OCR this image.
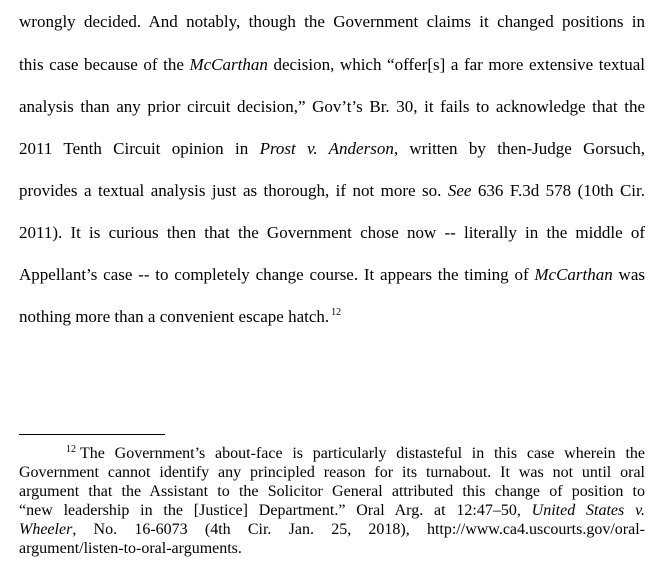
wrongly decided. And notably, though the Government claims it changed positions in
this case because of the McCarthan decision, which “offer[s] a far more extensive textual
analysis than any prior circuit decision,” Gov’t’s Br. 30, it fails to acknowledge that the
2011 Tenth Circuit opinion in Prost v. Anderson, written by then-Judge Gorsuch,
provides a textual analysis just as thorough, if not more so. See 636 F.3d 578 (10th Cir.
2011). It is curious then that the Government chose now -- literally in the middle of
Appellant’s case -- to completely change course. It appears the timing of McCarthan was
nothing more than a convenient escape hatch. $^{12}$
$^{12}$ The Government’s about-face is particularly distasteful in this case wherein the
Government cannot identify any principled reason for its turnabout. It was not until oral
argument that the Assistant to the Solicitor General attributed this change of position to
“new leadership in the [Justice] Department.” Oral Arg. at 12:47–50, United States v.
Wheeler, No. 16-6073 (4th Cir. Jan. 25, 2018), http://www.ca4.uscourts.gov/oral-
argument/listen-to-oral-arguments.
